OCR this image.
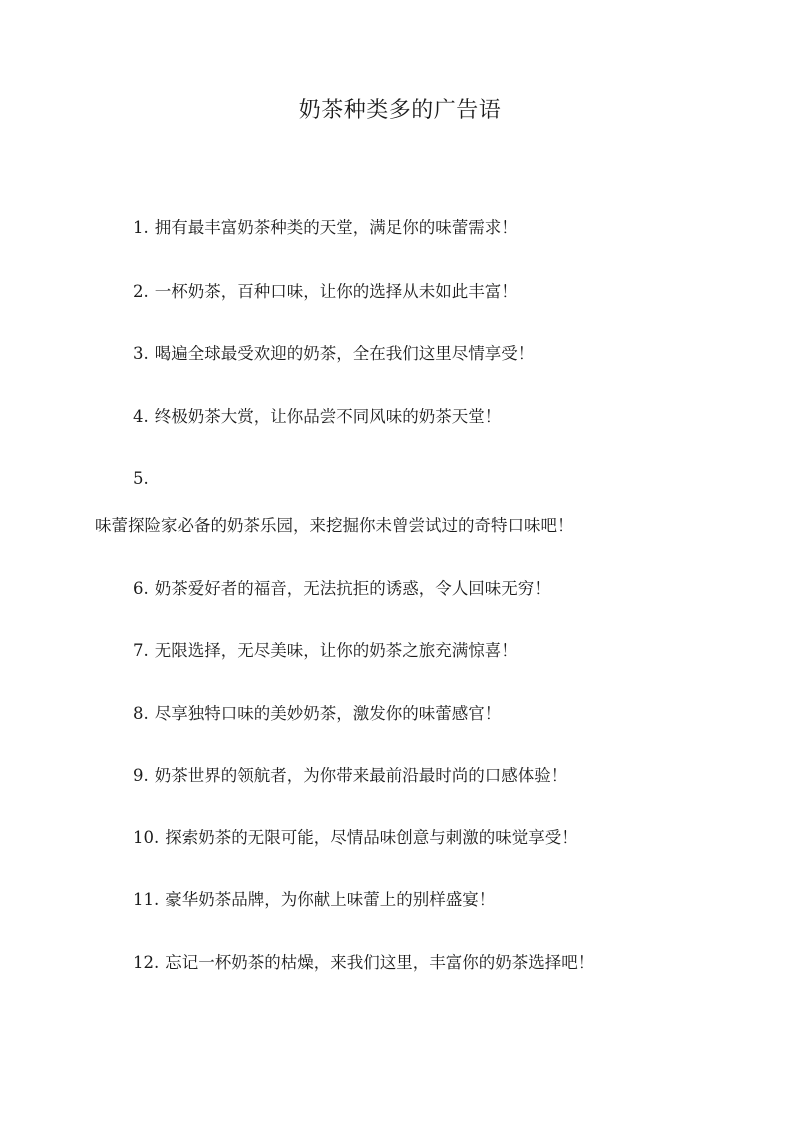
奶茶种类多的广告语
1. 拥有最丰富奶茶种类的天堂，满足你的味蕾需求！
2. 一杯奶茶，百种口味，让你的选择从未如此丰富！
3. 喝遍全球最受欢迎的奶茶，全在我们这里尽情享受！
4. 终极奶茶大赏，让你品尝不同风味的奶茶天堂！
5.
味蕾探险家必备的奶茶乐园，来挖掘你未曾尝试过的奇特口味吧！
6. 奶茶爱好者的福音，无法抗拒的诱惑，令人回味无穷！
7. 无限选择，无尽美味，让你的奶茶之旅充满惊喜！
8. 尽享独特口味的美妙奶茶，激发你的味蕾感官！
9. 奶茶世界的领航者，为你带来最前沿最时尚的口感体验！
10. 探索奶茶的无限可能，尽情品味创意与刺激的味觉享受！
11. 豪华奶茶品牌，为你献上味蕾上的别样盛宴！
12. 忘记一杯奶茶的枯燥，来我们这里，丰富你的奶茶选择吧！
